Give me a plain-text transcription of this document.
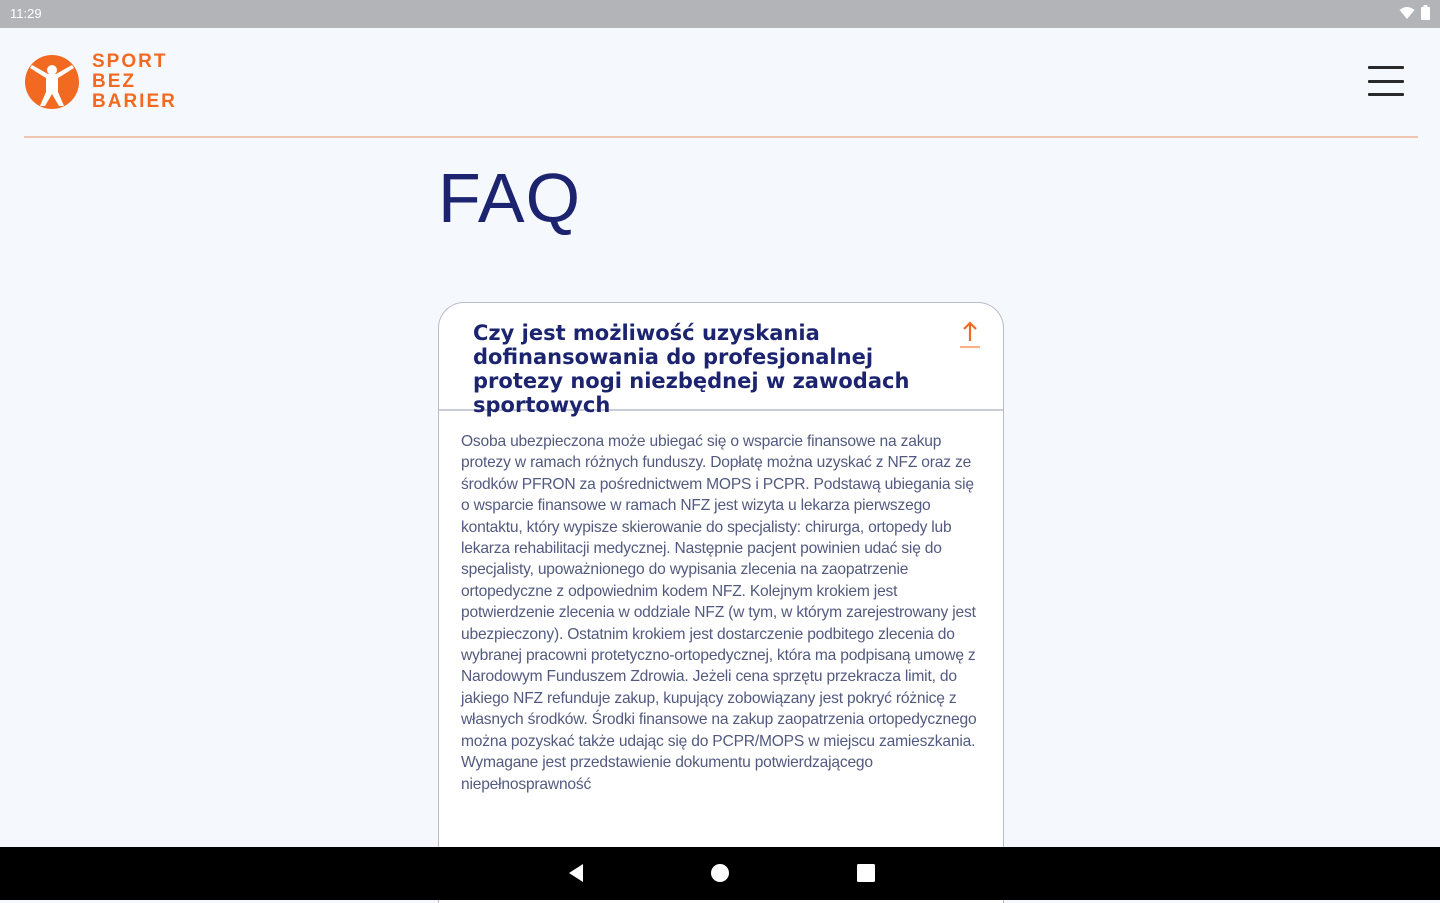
11:29
SPORT
BEZ
BARIER
FAQ
Czy jest możliwość uzyskania dofinansowania do profesjonalnej protezy nogi niezbędnej w zawodach sportowych

Osoba ubezpieczona może ubiegać się o wsparcie finansowe na zakup protezy w ramach różnych funduszy. Dopłatę można uzyskać z NFZ oraz ze środków PFRON za pośrednictwem MOPS i PCPR. Podstawą ubiegania się o wsparcie finansowe w ramach NFZ jest wizyta u lekarza pierwszego kontaktu, który wypisze skierowanie do specjalisty: chirurga, ortopedy lub lekarza rehabilitacji medycznej. Następnie pacjent powinien udać się do specjalisty, upoważnionego do wypisania zlecenia na zaopatrzenie ortopedyczne z odpowiednim kodem NFZ. Kolejnym krokiem jest potwierdzenie zlecenia w oddziale NFZ (w tym, w którym zarejestrowany jest ubezpieczony). Ostatnim krokiem jest dostarczenie podbitego zlecenia do wybranej pracowni protetyczno-ortopedycznej, która ma podpisaną umowę z Narodowym Funduszem Zdrowia. Jeżeli cena sprzętu przekracza limit, do jakiego NFZ refunduje zakup, kupujący zobowiązany jest pokryć różnicę z własnych środków. Środki finansowe na zakup zaopatrzenia ortopedycznego można pozyskać także udając się do PCPR/MOPS w miejscu zamieszkania. Wymagane jest przedstawienie dokumentu potwierdzającego niepełnosprawność
